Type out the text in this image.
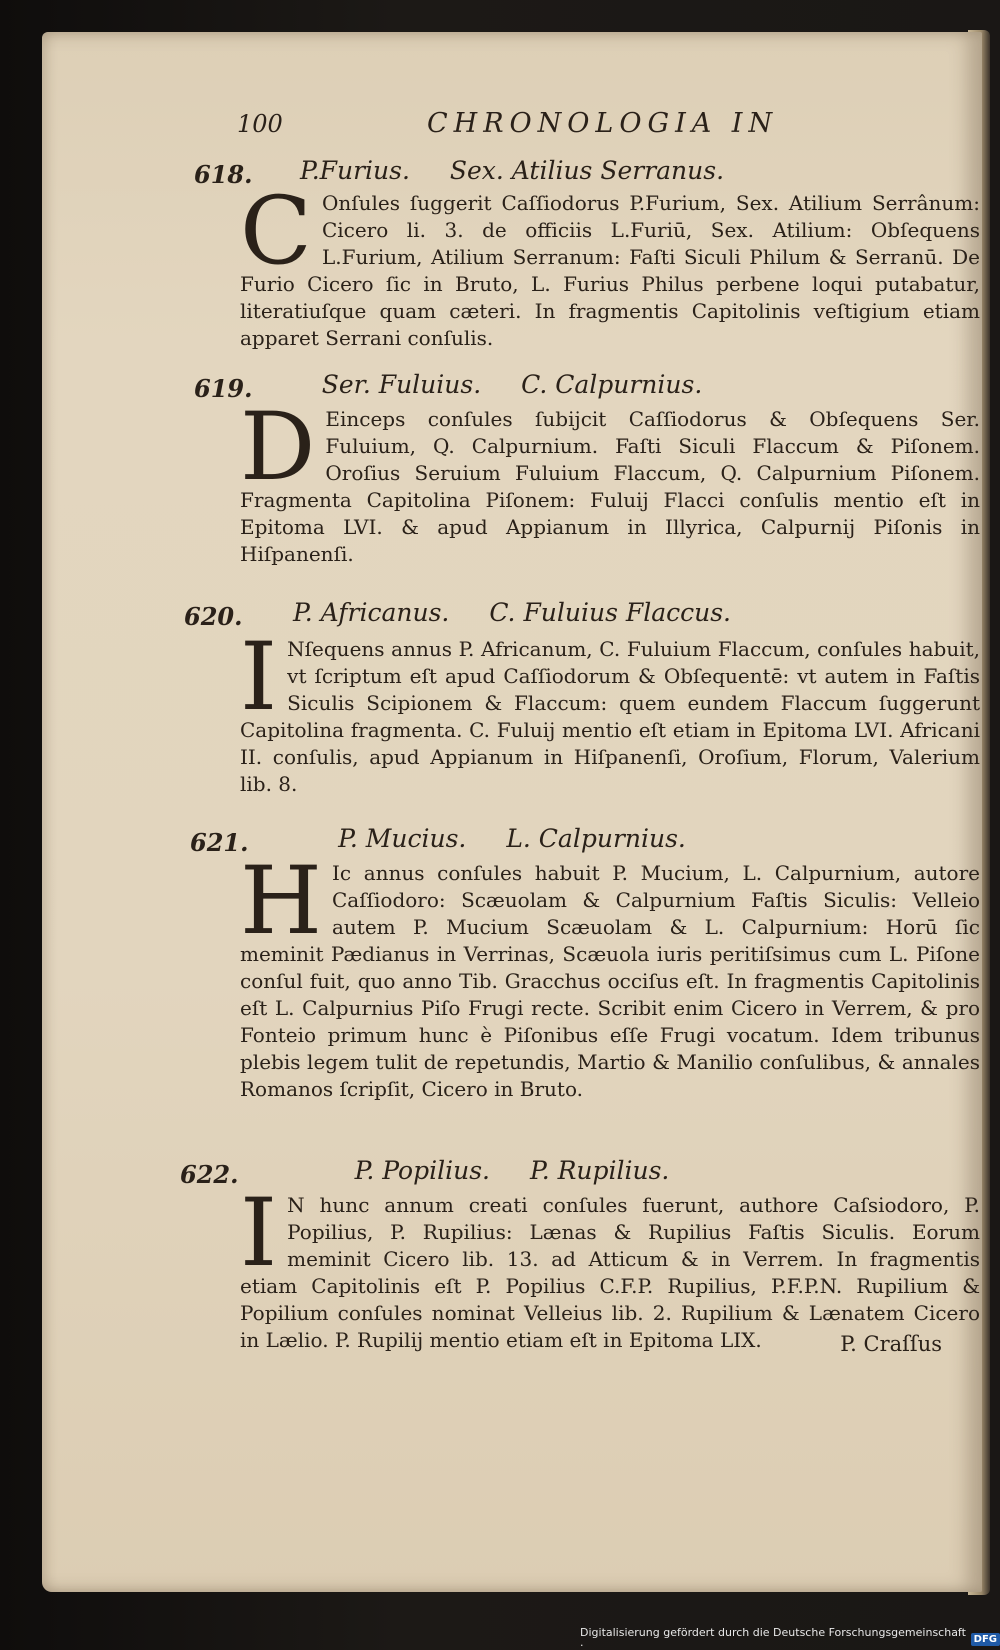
100	CHRONOLOGIA IN
618.	P.Furius. Sex. Atilius Serranus.
C Onſules ſuggerit Caſſiodorus P.Furium, Sex. Atilium Serrânum: Cicero li. 3. de officiis L.Furiū, Sex. Atilium: Obſequens L.Furium, Atilium Serranum: Faſti Siculi Philum & Serranū. De Furio Cicero ſic in Bruto, L. Furius Philus perbene loqui putabatur, literatiuſque quam cæteri. In fragmentis Capitolinis veſtigium etiam apparet Serrani conſulis.
619.	Ser. Fuluius. C. Calpurnius.
D Einceps conſules ſubijcit Caſſiodorus & Obſequens Ser. Fuluium, Q. Calpurnium. Faſti Siculi Flaccum & Piſonem. Oroſius Seruium Fuluium Flaccum, Q. Calpurnium Piſonem. Fragmenta Capitolina Piſonem: Fuluij Flacci conſulis mentio eſt in Epitoma LVI. & apud Appianum in Illyrica, Calpurnij Piſonis in Hiſpanenſi.
620.	P. Africanus. C. Fuluius Flaccus.
I Nſequens annus P. Africanum, C. Fuluium Flaccum, conſules habuit, vt ſcriptum eſt apud Caſſiodorum & Obſequentē: vt autem in Faſtis Siculis Scipionem & Flaccum: quem eundem Flaccum ſuggerunt Capitolina fragmenta. C. Fuluij mentio eſt etiam in Epitoma LVI. Africani II. conſulis, apud Appianum in Hiſpanenſi, Oroſium, Florum, Valerium lib. 8.
621.	P. Mucius. L. Calpurnius.
H Ic annus conſules habuit P. Mucium, L. Calpurnium, autore Caſſiodoro: Scæuolam & Calpurnium Faſtis Siculis: Velleio autem P. Mucium Scæuolam & L. Calpurnium: Horū ſic meminit Pædianus in Verrinas, Scæuola iuris peritiſsimus cum L. Piſone conſul fuit, quo anno Tib. Gracchus occiſus eſt. In fragmentis Capitolinis eſt L. Calpurnius Piſo Frugi recte. Scribit enim Cicero in Verrem, & pro Fonteio primum hunc è Piſonibus eſſe Frugi vocatum. Idem tribunus plebis legem tulit de repetundis, Martio & Manilio conſulibus, & annales Romanos ſcripſit, Cicero in Bruto.
622.	P. Popilius. P. Rupilius.
I N hunc annum creati conſules fuerunt, authore Caſsiodoro, P. Popilius, P. Rupilius: Lænas & Rupilius Faſtis Siculis. Eorum meminit Cicero lib. 13. ad Atticum & in Verrem. In fragmentis etiam Capitolinis eſt P. Popilius C.F.P. Rupilius, P.F.P.N. Rupilium & Popilium conſules nominat Velleius lib. 2. Rupilium & Lænatem Cicero in Lælio. P. Rupilij mentio etiam eſt in Epitoma LIX.	P. Craſſus
Digitalisierung gefördert durch die Deutsche Forschungsgemeinschaft ·	DFG
